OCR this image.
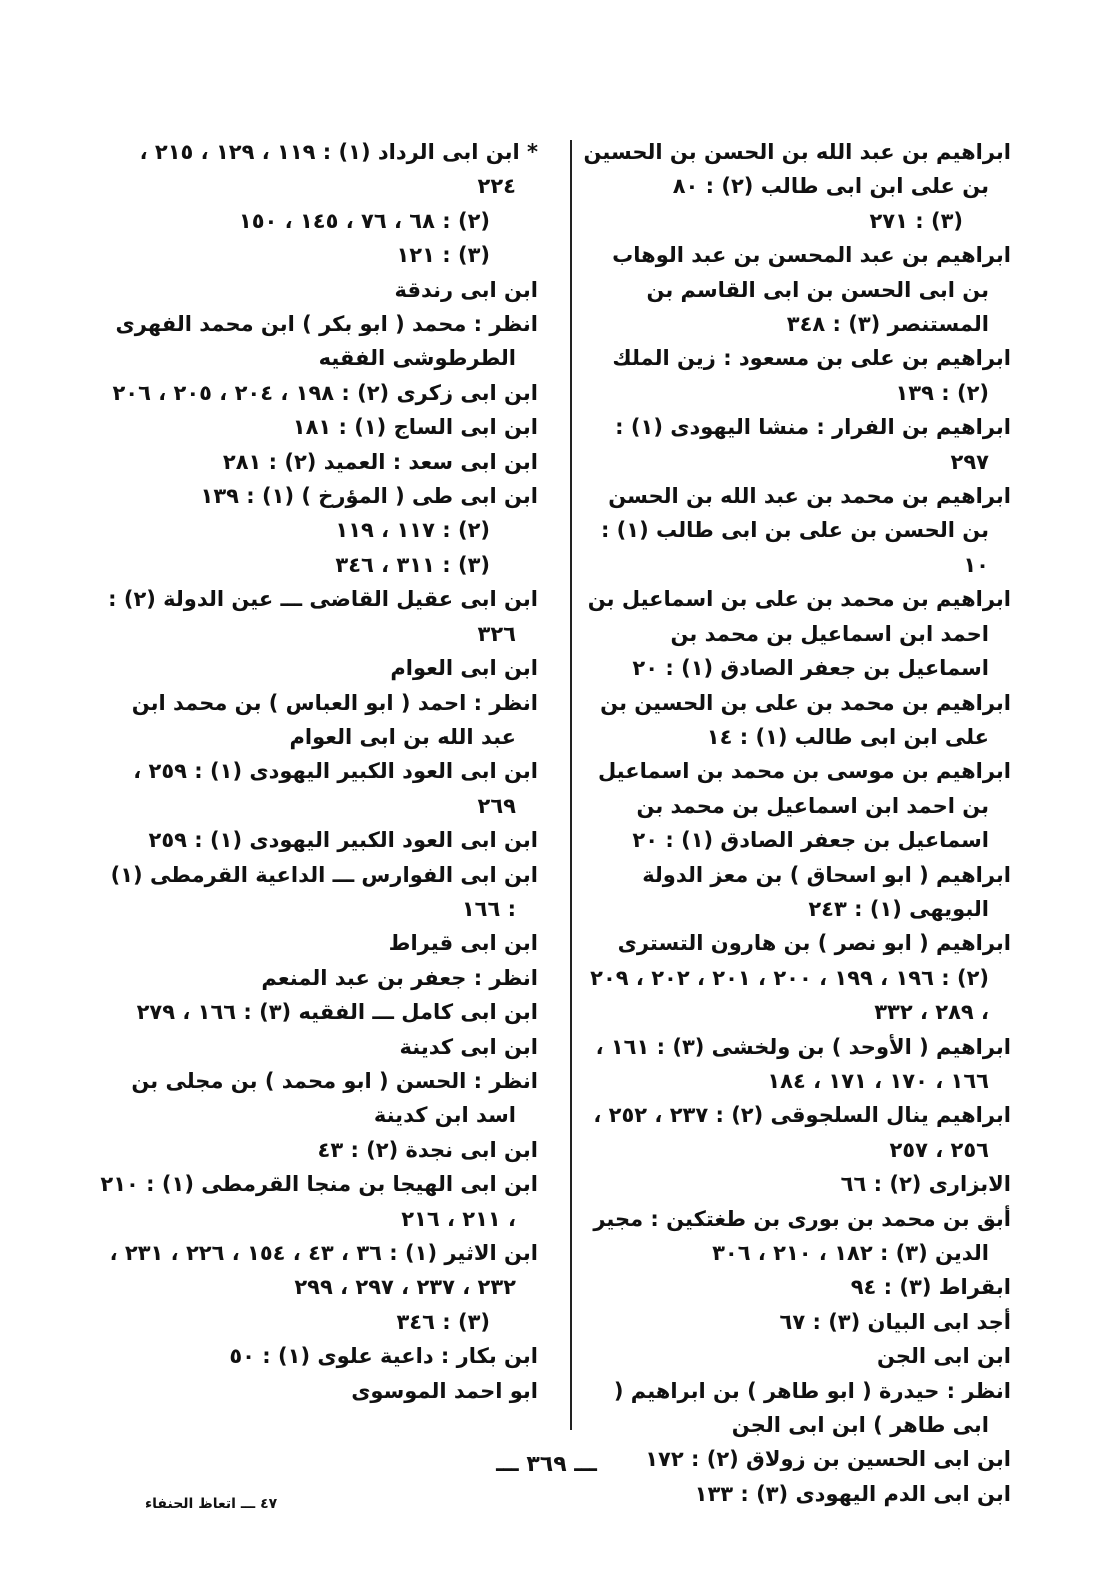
ابراهيم بن عبد الله بن الحسن بن الحسين بن على ابن ابى طالب (٢) : ٨٠

(٣) : ٢٧١

ابراهيم بن عبد المحسن بن عبد الوهاب بن ابى الحسن بن ابى القاسم بن المستنصر (٣) : ٣٤٨

ابراهيم بن على بن مسعود : زين الملك (٢) : ١٣٩

ابراهيم بن الفرار : منشا اليهودى (١) : ٢٩٧

ابراهيم بن محمد بن عبد الله بن الحسن بن الحسن بن على بن ابى طالب (١) : ١٠

ابراهيم بن محمد بن على بن اسماعيل بن احمد ابن اسماعيل بن محمد بن اسماعيل بن جعفر الصادق (١) : ٢٠

ابراهيم بن محمد بن على بن الحسين بن على ابن ابى طالب (١) : ١٤

ابراهيم بن موسى بن محمد بن اسماعيل بن احمد ابن اسماعيل بن محمد بن اسماعيل بن جعفر الصادق (١) : ٢٠

ابراهيم ( ابو اسحاق ) بن معز الدولة البويهى (١) : ٢٤٣

ابراهيم ( ابو نصر ) بن هارون التسترى (٢) : ١٩٦ ، ١٩٩ ، ٢٠٠ ، ٢٠١ ، ٢٠٢ ، ٢٠٩ ، ٢٨٩ ، ٣٣٢

ابراهيم ( الأوحد ) بن ولخشى (٣) : ١٦١ ، ١٦٦ ، ١٧٠ ، ١٧١ ، ١٨٤

ابراهيم ينال السلجوقى (٢) : ٢٣٧ ، ٢٥٢ ، ٢٥٦ ، ٢٥٧

الابزارى (٢) : ٦٦

أبق بن محمد بن بورى بن طغتكين : مجير الدين (٣) : ١٨٢ ، ٢١٠ ، ٣٠٦

ابقراط (٣) : ٩٤

أجد ابى البيان (٣) : ٦٧

ابن ابى الجن

انظر : حيدرة ( ابو طاهر ) بن ابراهيم ( ابى طاهر ) ابن ابى الجن

ابن ابى الحسين بن زولاق (٢) : ١٧٢

ابن ابى الدم اليهودى (٣) : ١٣٣

* ابن ابى الرداد (١) : ١١٩ ، ١٢٩ ، ٢١٥ ، ٢٢٤

(٢) : ٦٨ ، ٧٦ ، ١٤٥ ، ١٥٠

(٣) : ١٢١

ابن ابى رندقة

انظر : محمد ( ابو بكر ) ابن محمد الفهرى الطرطوشى الفقيه

ابن ابى زكرى (٢) : ١٩٨ ، ٢٠٤ ، ٢٠٥ ، ٢٠٦

ابن ابى الساج (١) : ١٨١

ابن ابى سعد : العميد (٢) : ٢٨١

ابن ابى طى ( المؤرخ ) (١) : ١٣٩

(٢) : ١١٧ ، ١١٩

(٣) : ٣١١ ، ٣٤٦

ابن ابى عقيل القاضى ـــ عين الدولة (٢) : ٣٢٦

ابن ابى العوام

انظر : احمد ( ابو العباس ) بن محمد ابن عبد الله بن ابى العوام

ابن ابى العود الكبير اليهودى (١) : ٢٥٩ ، ٢٦٩

ابن ابى العود الكبير اليهودى (١) : ٢٥٩

ابن ابى الفوارس ـــ الداعية القرمطى (١) : ١٦٦

ابن ابى قيراط

انظر : جعفر بن عبد المنعم

ابن ابى كامل ـــ الفقيه (٣) : ١٦٦ ، ٢٧٩

ابن ابى كدينة

انظر : الحسن ( ابو محمد ) بن مجلى بن اسد ابن كدينة

ابن ابى نجدة (٢) : ٤٣

ابن ابى الهيجا بن منجا القرمطى (١) : ٢١٠ ، ٢١١ ، ٢١٦

ابن الاثير (١) : ٣٦ ، ٤٣ ، ١٥٤ ، ٢٢٦ ، ٢٣١ ، ٢٣٢ ، ٢٣٧ ، ٢٩٧ ، ٢٩٩

(٣) : ٣٤٦

ابن بكار : داعية علوى (١) : ٥٠

ابو احمد الموسوى

ـــ ٣٦٩ ـــ
٤٧ ـــ اتعاظ الحنفاء
